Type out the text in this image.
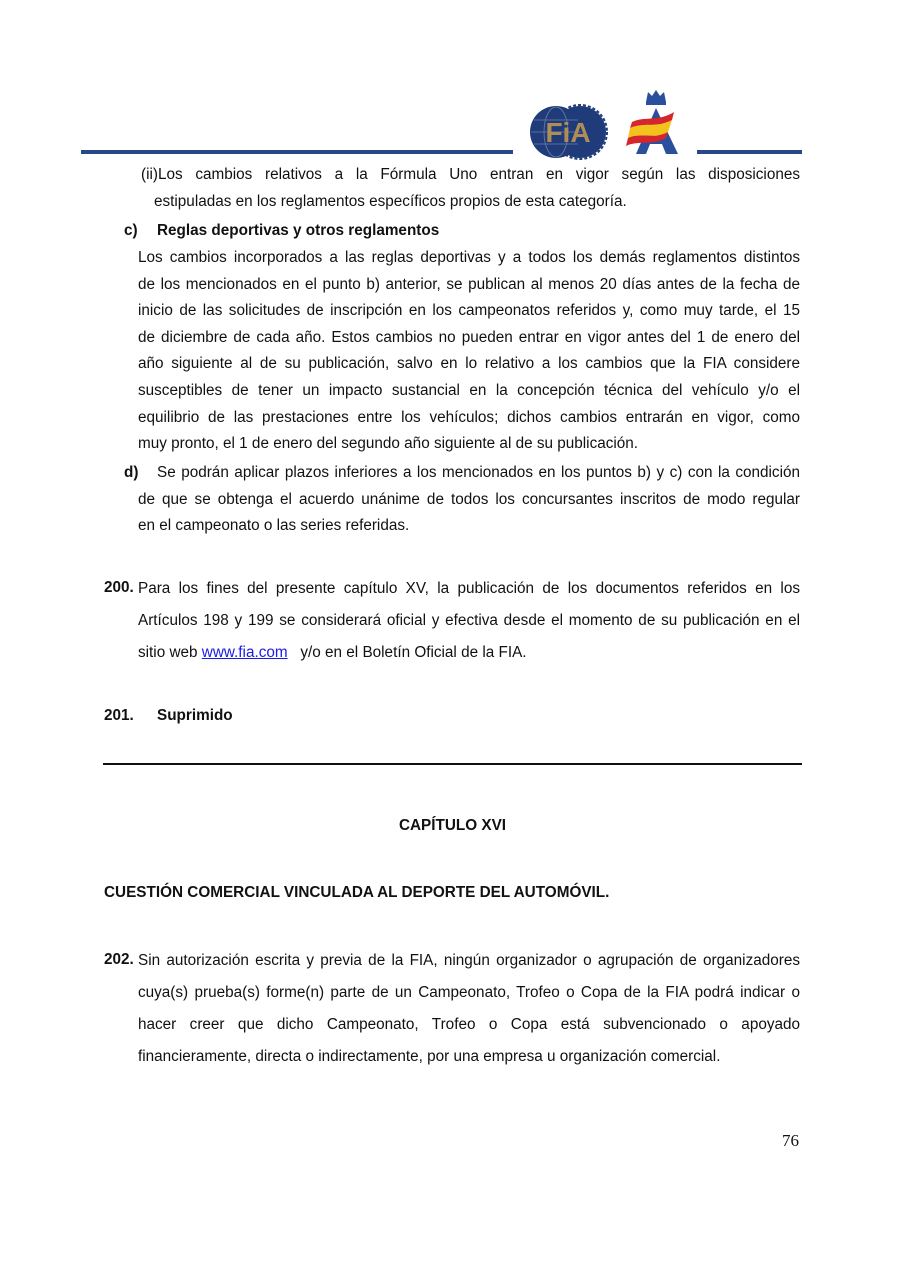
FiA

(ii)Los cambios relativos a la Fórmula Uno entran en vigor según las disposiciones

estipuladas en los reglamentos específicos propios de esta categoría.

c) Reglas deportivas y otros reglamentos

Los cambios incorporados a las reglas deportivas y a todos los demás reglamentos distintos

de los mencionados en el punto b) anterior, se publican al menos 20 días antes de la fecha de

inicio de las solicitudes de inscripción en los campeonatos referidos y, como muy tarde, el 15

de diciembre de cada año. Estos cambios no pueden entrar en vigor antes del 1 de enero del

año siguiente al de su publicación, salvo en lo relativo a los cambios que la FIA considere

susceptibles de tener un impacto sustancial en la concepción técnica del vehículo y/o el

equilibrio de las prestaciones entre los vehículos; dichos cambios entrarán en vigor, como

muy pronto, el 1 de enero del segundo año siguiente al de su publicación.

d)	Se podrán aplicar plazos inferiores a los mencionados en los puntos b) y c) con la condición

de que se obtenga el acuerdo unánime de todos los concursantes inscritos de modo regular

en el campeonato o las series referidas.

200. Para los fines del presente capítulo XV, la publicación de los documentos referidos en los

Artículos 198 y 199 se considerará oficial y efectiva desde el momento de su publicación en el

sitio web www.fia.com   y/o en el Boletín Oficial de la FIA.

201. Suprimido
CAPÍTULO XVI
CUESTIÓN COMERCIAL VINCULADA AL DEPORTE DEL AUTOMÓVIL.
202. Sin autorización escrita y previa de la FIA, ningún organizador o agrupación de organizadores

cuya(s) prueba(s) forme(n) parte de un Campeonato, Trofeo o Copa de la FIA podrá indicar o

hacer creer que dicho Campeonato, Trofeo o Copa está subvencionado o apoyado

financieramente, directa o indirectamente, por una empresa u organización comercial.

76
